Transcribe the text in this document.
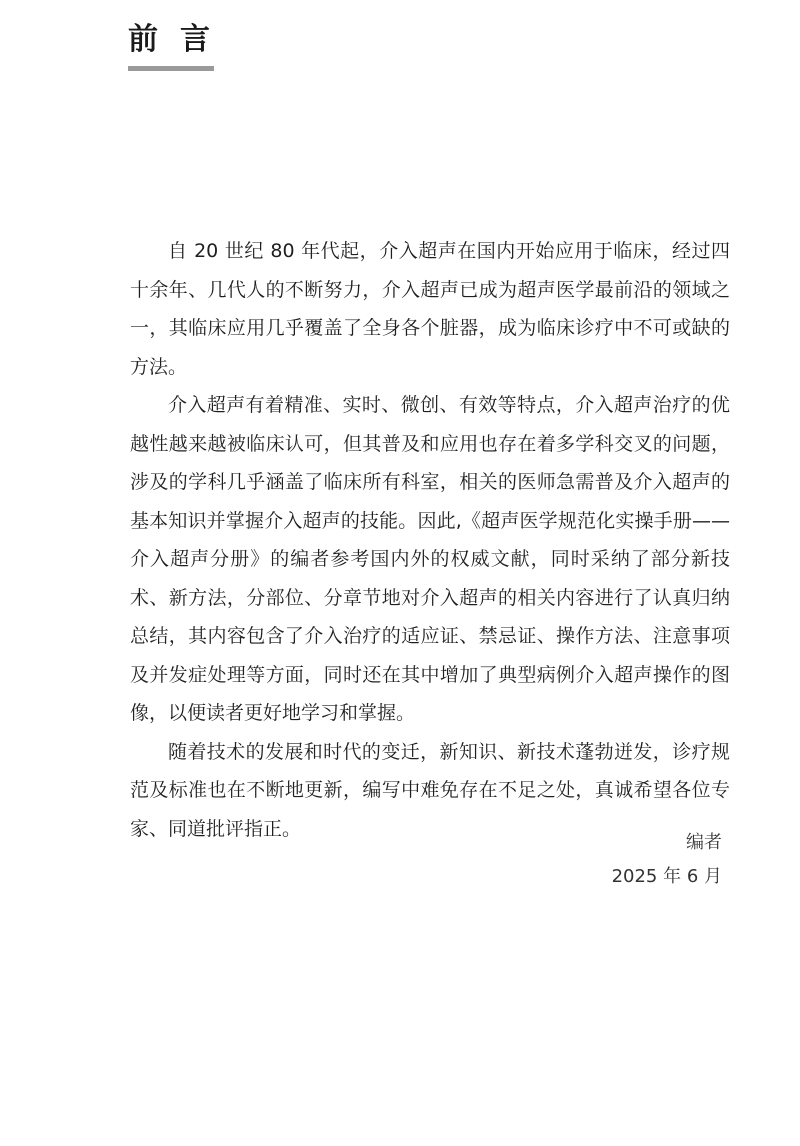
前言

自 20 世纪 80 年代起，介入超声在国内开始应用于临床，经过四十余年、几代人的不断努力，介入超声已成为超声医学最前沿的领域之一，其临床应用几乎覆盖了全身各个脏器，成为临床诊疗中不可或缺的方法。

介入超声有着精准、实时、微创、有效等特点，介入超声治疗的优越性越来越被临床认可，但其普及和应用也存在着多学科交叉的问题，涉及的学科几乎涵盖了临床所有科室，相关的医师急需普及介入超声的基本知识并掌握介入超声的技能。因此,《超声医学规范化实操手册——介入超声分册》的编者参考国内外的权威文献，同时采纳了部分新技术、新方法，分部位、分章节地对介入超声的相关内容进行了认真归纳总结，其内容包含了介入治疗的适应证、禁忌证、操作方法、注意事项及并发症处理等方面，同时还在其中增加了典型病例介入超声操作的图像，以便读者更好地学习和掌握。

随着技术的发展和时代的变迁，新知识、新技术蓬勃迸发，诊疗规范及标准也在不断地更新，编写中难免存在不足之处，真诚希望各位专家、同道批评指正。

编者
2025 年 6 月
